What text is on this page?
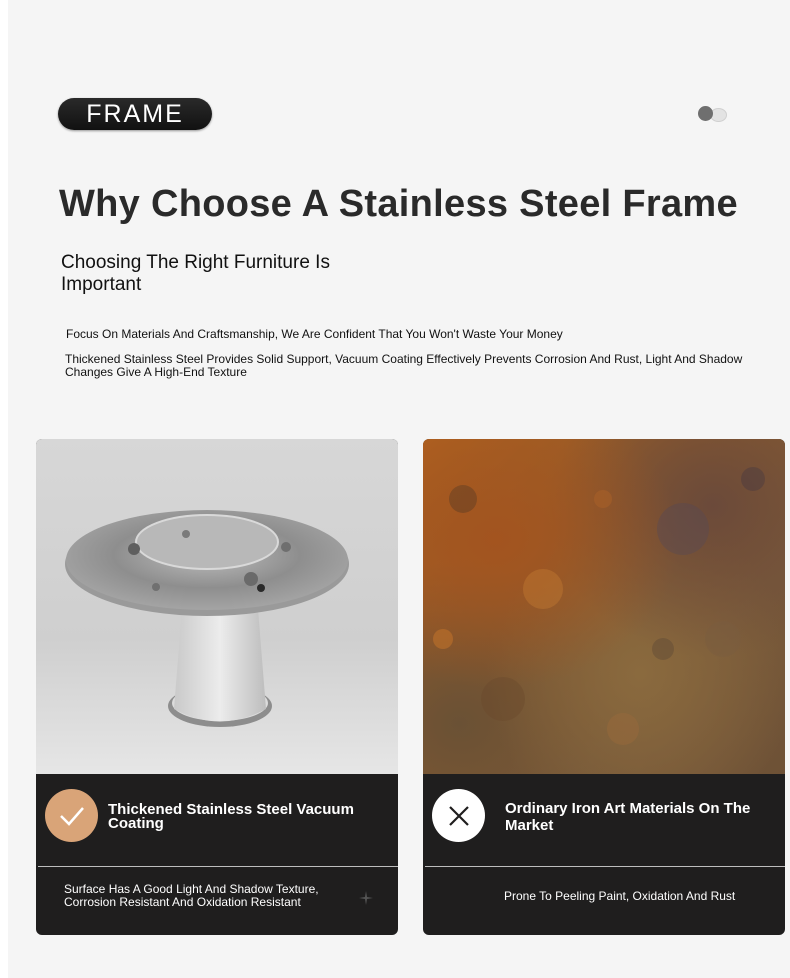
FRAME
Why Choose A Stainless Steel Frame

Choosing The Right Furniture Is Important

Focus On Materials And Craftsmanship, We Are Confident That You Won't Waste Your Money

Thickened Stainless Steel Provides Solid Support, Vacuum Coating Effectively Prevents Corrosion And Rust, Light And Shadow Changes Give A High-End Texture

Thickened Stainless Steel Vacuum Coating

Surface Has A Good Light And Shadow Texture, Corrosion Resistant And Oxidation Resistant

Ordinary Iron Art Materials On The Market

Prone To Peeling Paint, Oxidation And Rust
